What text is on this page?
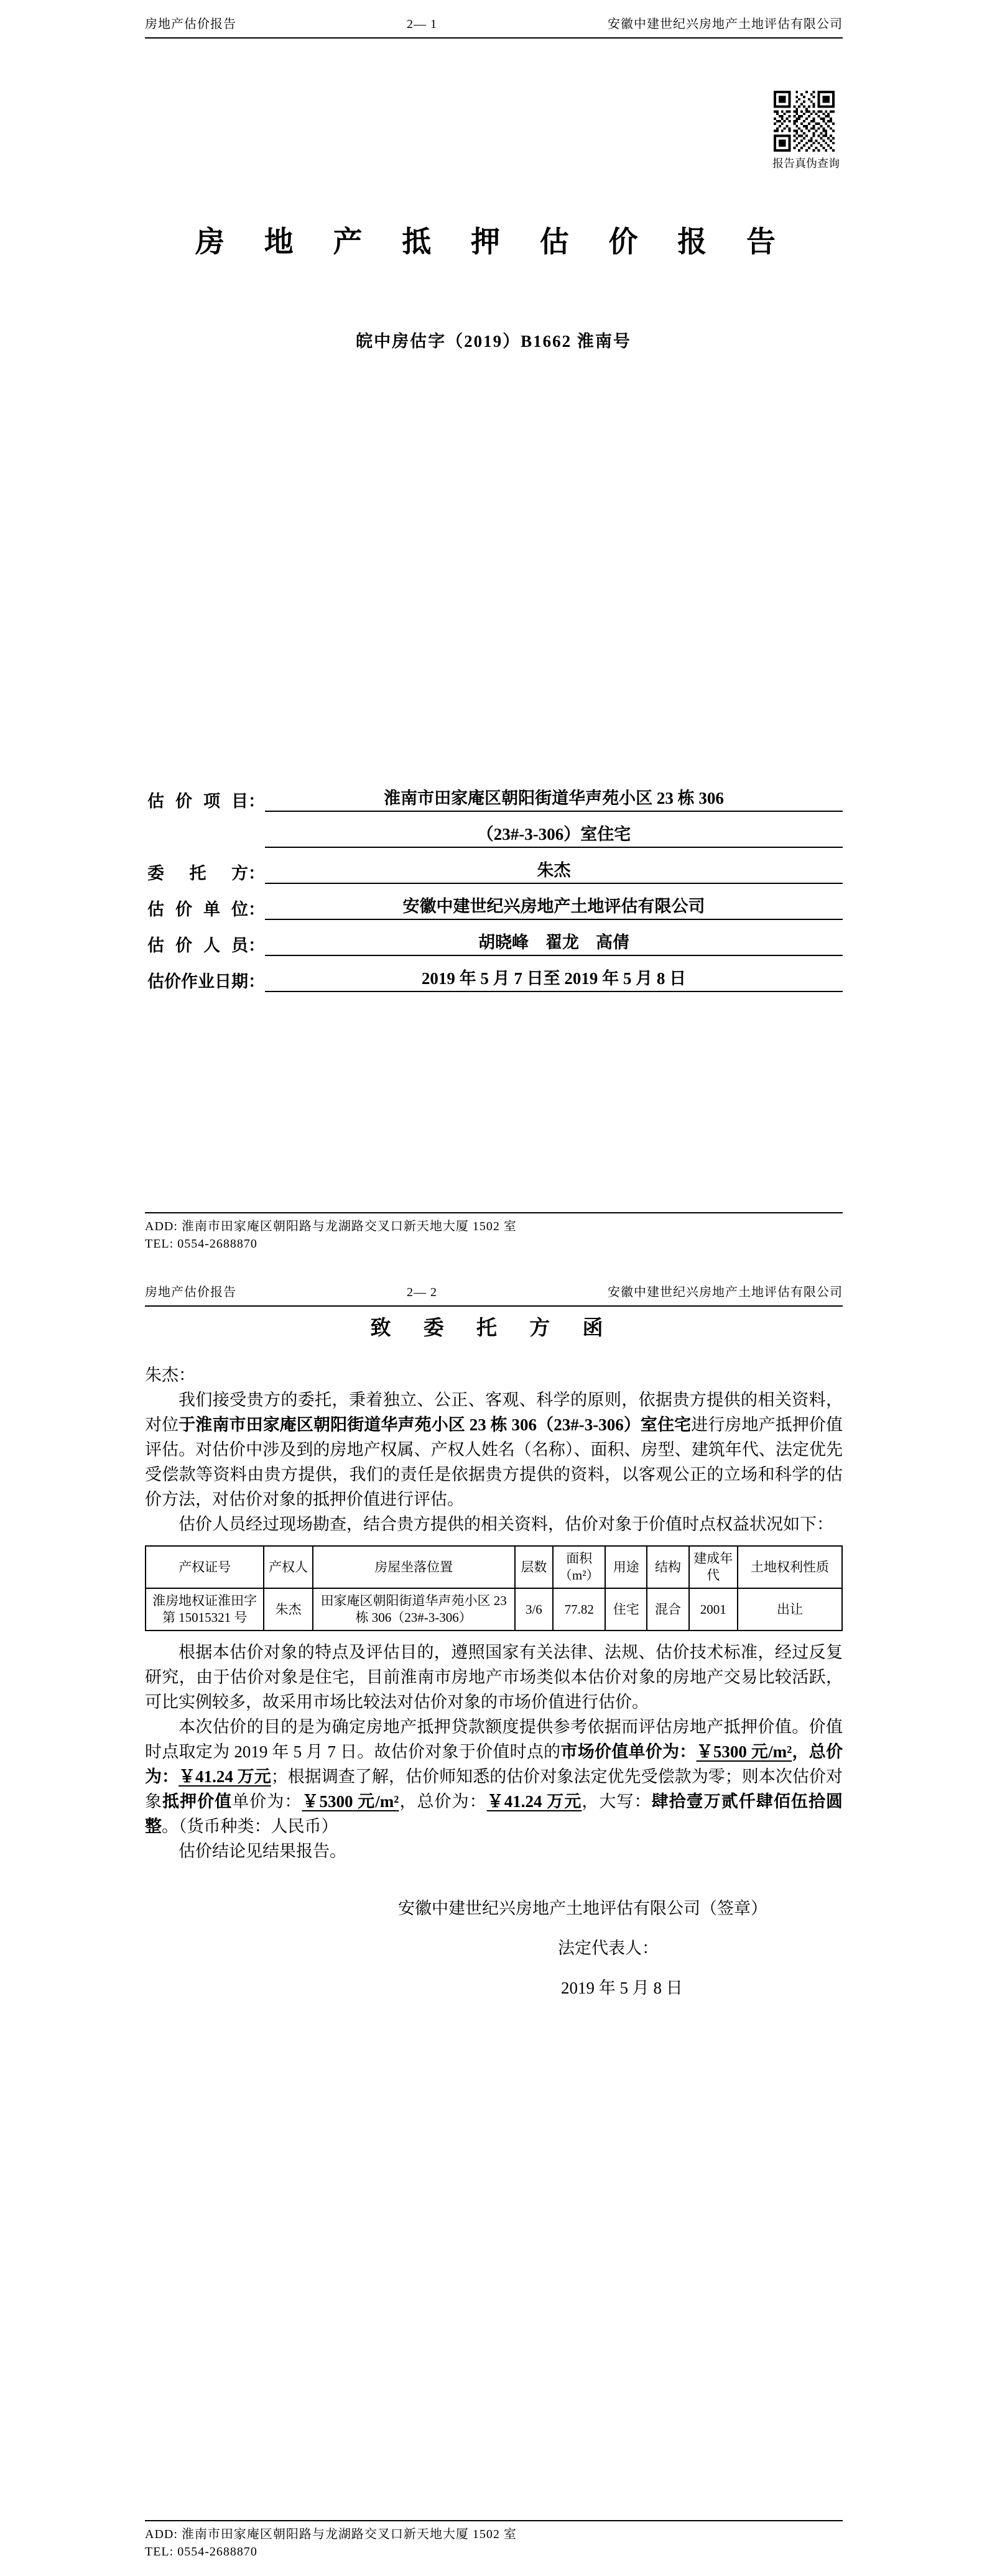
房地产估价报告	2— 1	安徽中建世纪兴房地产土地评估有限公司
报告真伪查询
房 地 产 抵 押 估 价 报 告
皖中房估字（2019）B1662 淮南号
估价项目 ：	淮南市田家庵区朝阳街道华声苑小区 23 栋 306
（23#-3-306）室住宅
委托方 ：	朱杰
估价单位 ：	安徽中建世纪兴房地产土地评估有限公司
估价人员 ：	胡晓峰　翟龙　高倩
估价作业日期 ：	2019 年 5 月 7 日至 2019 年 5 月 8 日
ADD: 淮南市田家庵区朝阳路与龙湖路交叉口新天地大厦 1502 室
TEL: 0554-2688870
房地产估价报告	2— 2	安徽中建世纪兴房地产土地评估有限公司
致 委 托 方 函
朱杰：

我们接受贵方的委托，秉着独立、公正、客观、科学的原则，依据贵方提供的相关资料，对位于淮南市田家庵区朝阳街道华声苑小区 23 栋 306（23#-3-306）室住宅进行房地产抵押价值评估。对估价中涉及到的房地产权属、产权人姓名（名称）、面积、房型、建筑年代、法定优先受偿款等资料由贵方提供，我们的责任是依据贵方提供的资料，以客观公正的立场和科学的估价方法，对估价对象的抵押价值进行评估。

估价人员经过现场勘查，结合贵方提供的相关资料，估价对象于价值时点权益状况如下：

产权证号	产权人	房屋坐落位置	层数	面积（m²）	用途	结构	建成年代	土地权利性质
淮房地权证淮田字第 15015321 号	朱杰	田家庵区朝阳街道华声苑小区 23 栋 306（23#-3-306）	3/6	77.82	住宅	混合	2001	出让

根据本估价对象的特点及评估目的，遵照国家有关法律、法规、估价技术标准，经过反复研究，由于估价对象是住宅，目前淮南市房地产市场类似本估价对象的房地产交易比较活跃，可比实例较多，故采用市场比较法对估价对象的市场价值进行估价。

本次估价的目的是为确定房地产抵押贷款额度提供参考依据而评估房地产抵押价值。价值时点取定为 2019 年 5 月 7 日。故估价对象于价值时点的市场价值单价为：￥5300 元/m²，总价为：￥41.24 万元；根据调查了解，估价师知悉的估价对象法定优先受偿款为零；则本次估价对象抵押价值单价为：￥5300 元/m²，总价为：￥41.24 万元，大写：肆拾壹万贰仟肆佰伍拾圆整。（货币种类：人民币）

估价结论见结果报告。

安徽中建世纪兴房地产土地评估有限公司（签章）
法定代表人：
2019 年 5 月 8 日
ADD: 淮南市田家庵区朝阳路与龙湖路交叉口新天地大厦 1502 室
TEL: 0554-2688870
